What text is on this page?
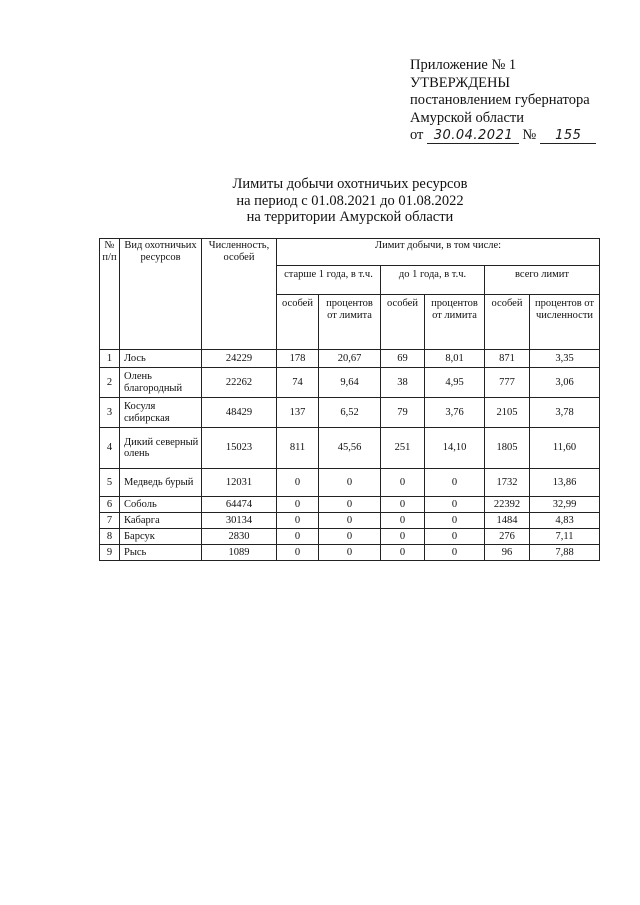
Приложение № 1
УТВЕРЖДЕНЫ
постановлением губернатора
Амурской области
от 30.04.2021 №	155
Лимиты добычи охотничьих ресурсов
на период с 01.08.2021 до 01.08.2022
на территории Амурской области
№ п/п	Вид охотничьих ресурсов	Численность, особей	Лимит добычи, в том числе:					
			старше 1 года, в т.ч.		до 1 года, в т.ч.		всего лимит	
			особей	процентов от лимита	особей	процентов от лимита	особей	процентов от численности
1	Лось	24229	178	20,67	69	8,01	871	3,35
2	Олень благородный	22262	74	9,64	38	4,95	777	3,06
3	Косуля сибирская	48429	137	6,52	79	3,76	2105	3,78
4	Дикий северный олень	15023	811	45,56	251	14,10	1805	11,60
5	Медведь бурый	12031	0	0	0	0	1732	13,86
6	Соболь	64474	0	0	0	0	22392	32,99
7	Кабарга	30134	0	0	0	0	1484	4,83
8	Барсук	2830	0	0	0	0	276	7,11
9	Рысь	1089	0	0	0	0	96	7,88
